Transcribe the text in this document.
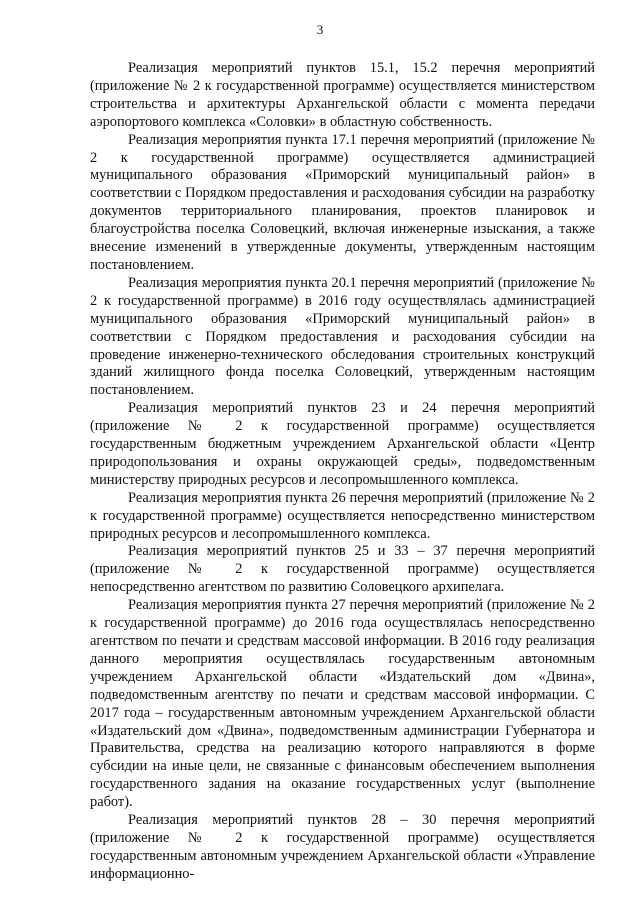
3

Реализация мероприятий пунктов 15.1, 15.2 перечня мероприятий (приложение № 2 к государственной программе) осуществляется министерством строительства и архитектуры Архангельской области с момента передачи аэропортового комплекса «Соловки» в областную собственность.

Реализация мероприятия пункта 17.1 перечня мероприятий (приложение № 2 к государственной программе) осуществляется администрацией муниципального образования «Приморский муниципальный район» в соответствии с Порядком предоставления и расходования субсидии на разработку документов территориального планирования, проектов планировок и благоустройства поселка Соловецкий, включая инженерные изыскания, а также внесение изменений в утвержденные документы, утвержденным настоящим постановлением.

Реализация мероприятия пункта 20.1 перечня мероприятий (приложение № 2 к государственной программе) в 2016 году осуществлялась администрацией муниципального образования «Приморский муниципальный район» в соответствии с Порядком предоставления и расходования субсидии на проведение инженерно-технического обследования строительных конструкций зданий жилищного фонда поселка Соловецкий, утвержденным настоящим постановлением.

Реализация мероприятий пунктов 23 и 24 перечня мероприятий (приложение № 2 к государственной программе) осуществляется государственным бюджетным учреждением Архангельской области «Центр природопользования и охраны окружающей среды», подведомственным министерству природных ресурсов и лесопромышленного комплекса.

Реализация мероприятия пункта 26 перечня мероприятий (приложение № 2 к государственной программе) осуществляется непосредственно министерством природных ресурсов и лесопромышленного комплекса.

Реализация мероприятий пунктов 25 и 33 – 37 перечня мероприятий (приложение № 2 к государственной программе) осуществляется непосредственно агентством по развитию Соловецкого архипелага.

Реализация мероприятия пункта 27 перечня мероприятий (приложение № 2 к государственной программе) до 2016 года осуществлялась непосредственно агентством по печати и средствам массовой информации. В 2016 году реализация данного мероприятия осуществлялась государственным автономным учреждением Архангельской области «Издательский дом «Двина», подведомственным агентству по печати и средствам массовой информации. С 2017 года – государственным автономным учреждением Архангельской области «Издательский дом «Двина», подведомственным администрации Губернатора и Правительства, средства на реализацию которого направляются в форме субсидии на иные цели, не связанные с финансовым обеспечением выполнения государственного задания на оказание государственных услуг (выполнение работ).

Реализация мероприятий пунктов 28 – 30 перечня мероприятий (приложение № 2 к государственной программе) осуществляется государственным автономным учреждением Архангельской области «Управление информационно-
